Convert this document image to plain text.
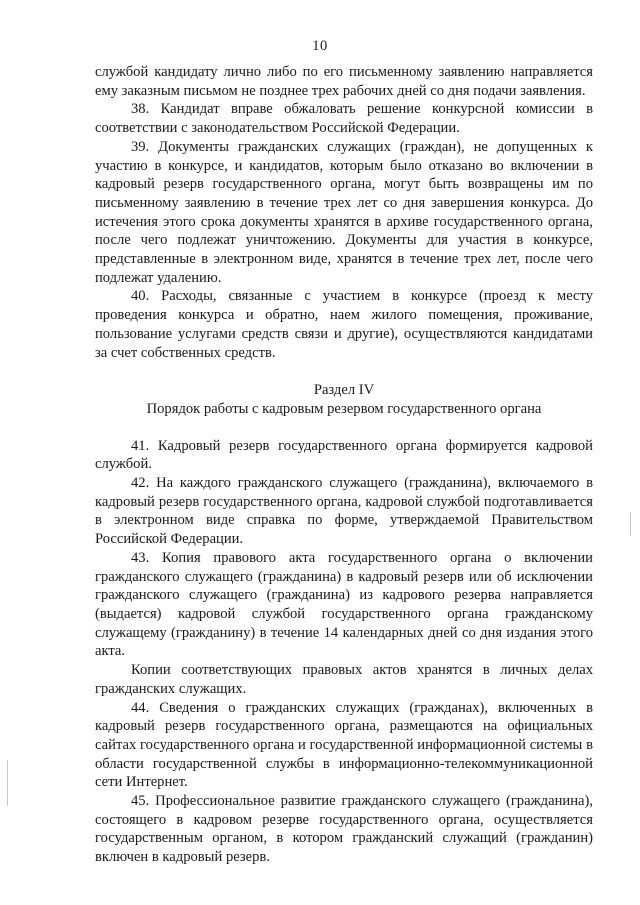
10

службой кандидату лично либо по его письменному заявлению направляется ему заказным письмом не позднее трех рабочих дней со дня подачи заявления.

38. Кандидат вправе обжаловать решение конкурсной комиссии в соответствии с законодательством Российской Федерации.

39. Документы гражданских служащих (граждан), не допущенных к участию в конкурсе, и кандидатов, которым было отказано во включении в кадровый резерв государственного органа, могут быть возвращены им по письменному заявлению в течение трех лет со дня завершения конкурса. До истечения этого срока документы хранятся в архиве государственного органа, после чего подлежат уничтожению. Документы для участия в конкурсе, представленные в электронном виде, хранятся в течение трех лет, после чего подлежат удалению.

40. Расходы, связанные с участием в конкурсе (проезд к месту проведения конкурса и обратно, наем жилого помещения, проживание, пользование услугами средств связи и другие), осуществляются кандидатами за счет собственных средств.

Раздел IV
Порядок работы с кадровым резервом государственного органа

41. Кадровый резерв государственного органа формируется кадровой службой.

42. На каждого гражданского служащего (гражданина), включаемого в кадровый резерв государственного органа, кадровой службой подготавливается в электронном виде справка по форме, утверждаемой Правительством Российской Федерации.

43. Копия правового акта государственного органа о включении гражданского служащего (гражданина) в кадровый резерв или об исключении гражданского служащего (гражданина) из кадрового резерва направляется (выдается) кадровой службой государственного органа гражданскому служащему (гражданину) в течение 14 календарных дней со дня издания этого акта.

Копии соответствующих правовых актов хранятся в личных делах гражданских служащих.

44. Сведения о гражданских служащих (гражданах), включенных в кадровый резерв государственного органа, размещаются на официальных сайтах государственного органа и государственной информационной системы в области государственной службы в информационно-телекоммуникационной сети Интернет.

45. Профессиональное развитие гражданского служащего (гражданина), состоящего в кадровом резерве государственного органа, осуществляется государственным органом, в котором гражданский служащий (гражданин) включен в кадровый резерв.
